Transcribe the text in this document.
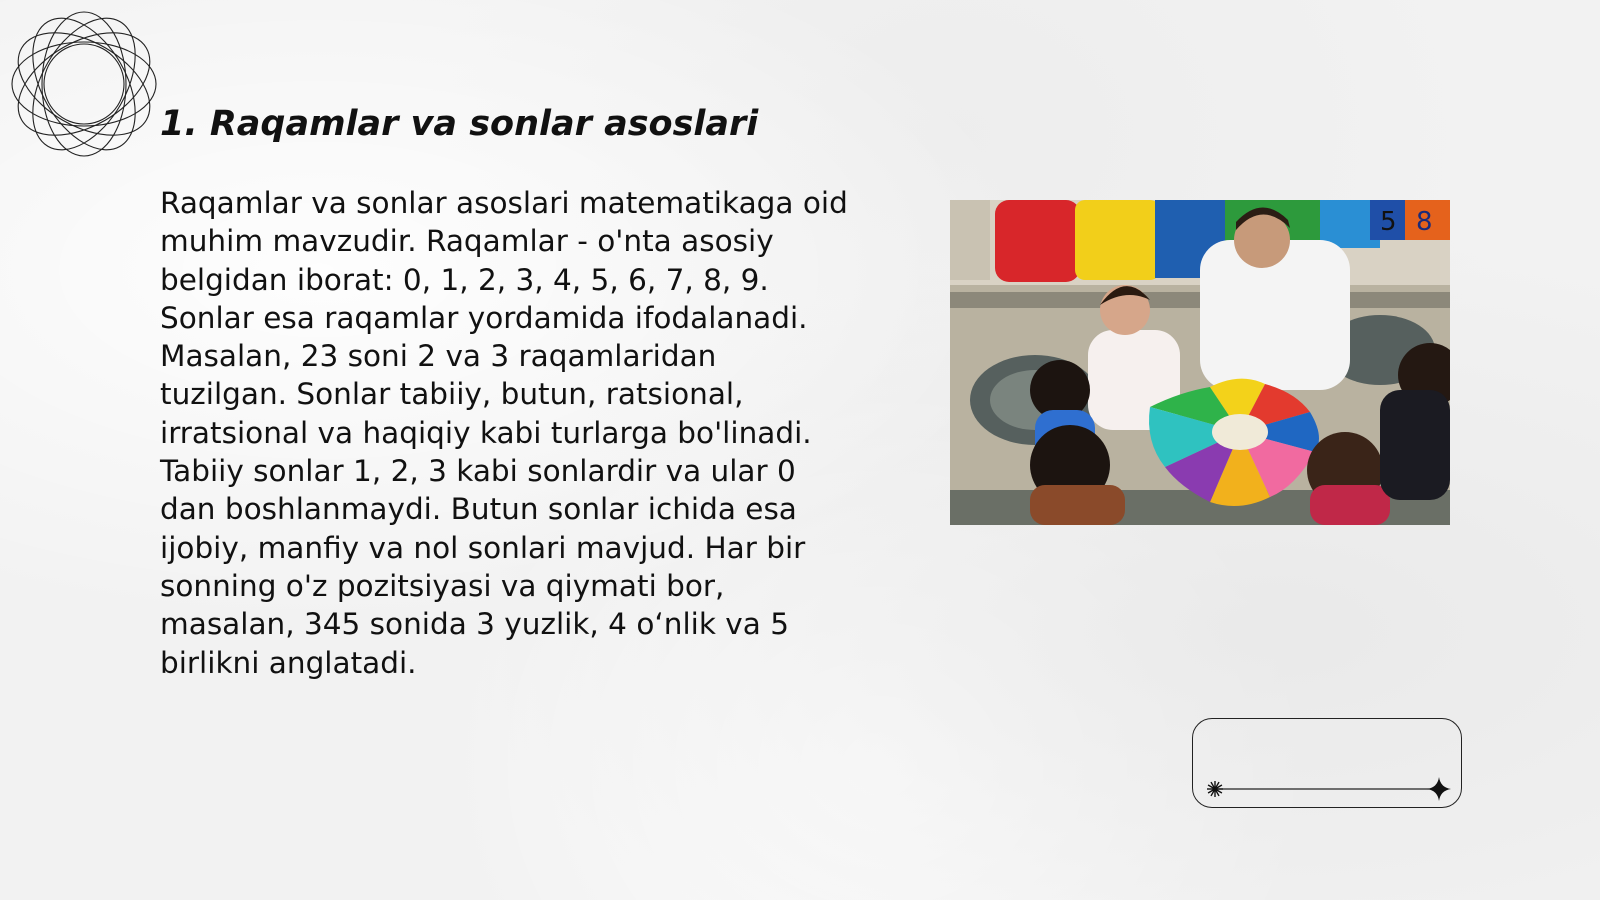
1. Raqamlar va sonlar asoslari

Raqamlar va sonlar asoslari matematikaga oid muhim mavzudir. Raqamlar - o'nta asosiy belgidan iborat: 0, 1, 2, 3, 4, 5, 6, 7, 8, 9. Sonlar esa raqamlar yordamida ifodalanadi. Masalan, 23 soni 2 va 3 raqamlaridan tuzilgan. Sonlar tabiiy, butun, ratsional, irratsional va haqiqiy kabi turlarga bo'linadi. Tabiiy sonlar 1, 2, 3 kabi sonlardir va ular 0 dan boshlanmaydi. Butun sonlar ichida esa ijobiy, manfiy va nol sonlari mavjud. Har bir sonning o'z pozitsiyasi va qiymati bor, masalan, 345 sonida 3 yuzlik, 4 o‘nlik va 5 birlikni anglatadi.

5 8
